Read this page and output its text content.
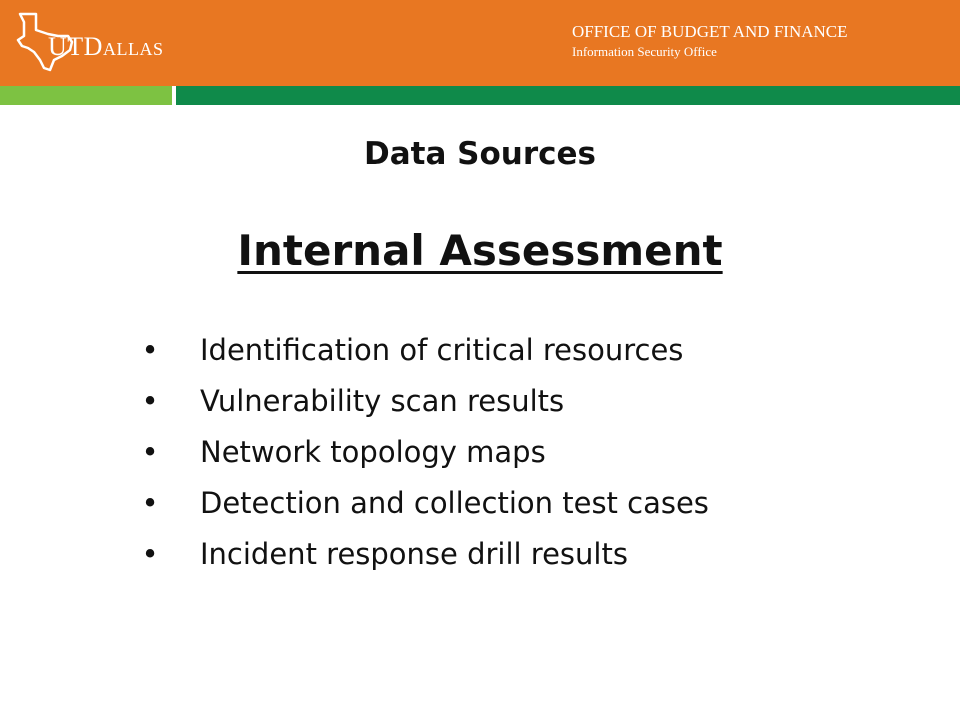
UTDALLAS
OFFICE OF BUDGET AND FINANCE
Information Security Office
Data Sources
Internal Assessment
• Identification of critical resources
• Vulnerability scan results
• Network topology maps
• Detection and collection test cases
• Incident response drill results
